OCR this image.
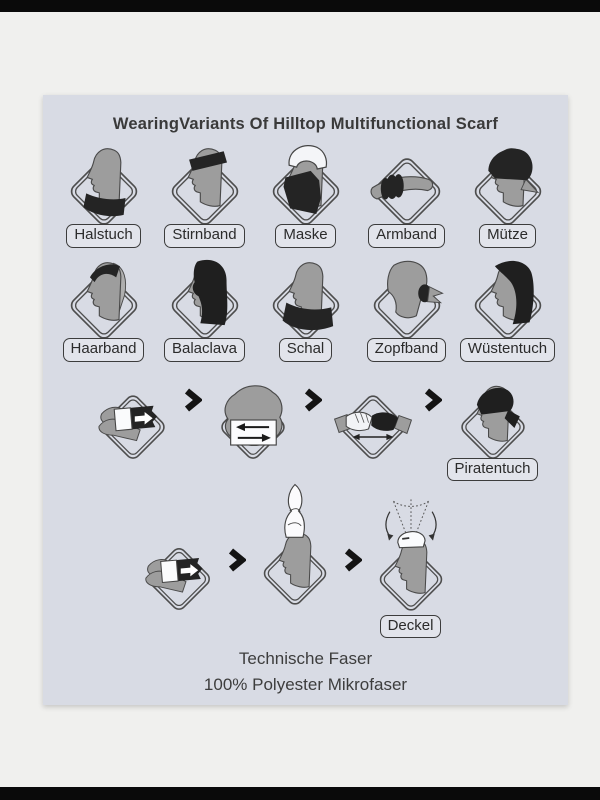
WearingVariants Of Hilltop Multifunctional Scarf
Halstuch	Stirnband	Maske	Armband	Mütze
Haarband	Balaclava	Schal	Zopfband	Wüstentuch
Piratentuch
Deckel
Technische Faser
100% Polyester Mikrofaser
